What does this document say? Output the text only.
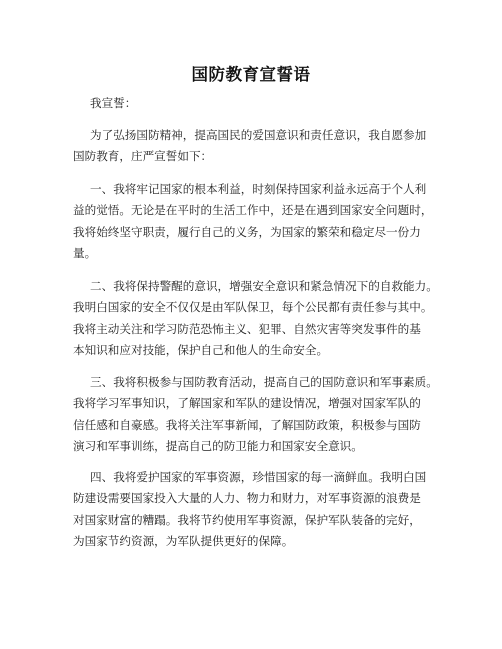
国防教育宣誓语
我宣誓：
为了弘扬国防精神，提高国民的爱国意识和责任意识，我自愿参加
国防教育，庄严宣誓如下：
一、我将牢记国家的根本利益，时刻保持国家利益永远高于个人利
益的觉悟。无论是在平时的生活工作中，还是在遇到国家安全问题时，
我将始终坚守职责，履行自己的义务，为国家的繁荣和稳定尽一份力
量。
二、我将保持警醒的意识，增强安全意识和紧急情况下的自救能力。
我明白国家的安全不仅仅是由军队保卫，每个公民都有责任参与其中。
我将主动关注和学习防范恐怖主义、犯罪、自然灾害等突发事件的基
本知识和应对技能，保护自己和他人的生命安全。
三、我将积极参与国防教育活动，提高自己的国防意识和军事素质。
我将学习军事知识，了解国家和军队的建设情况，增强对国家军队的
信任感和自豪感。我将关注军事新闻，了解国防政策，积极参与国防
演习和军事训练，提高自己的防卫能力和国家安全意识。
四、我将爱护国家的军事资源，珍惜国家的每一滴鲜血。我明白国
防建设需要国家投入大量的人力、物力和财力，对军事资源的浪费是
对国家财富的糟蹋。我将节约使用军事资源，保护军队装备的完好，
为国家节约资源，为军队提供更好的保障。
